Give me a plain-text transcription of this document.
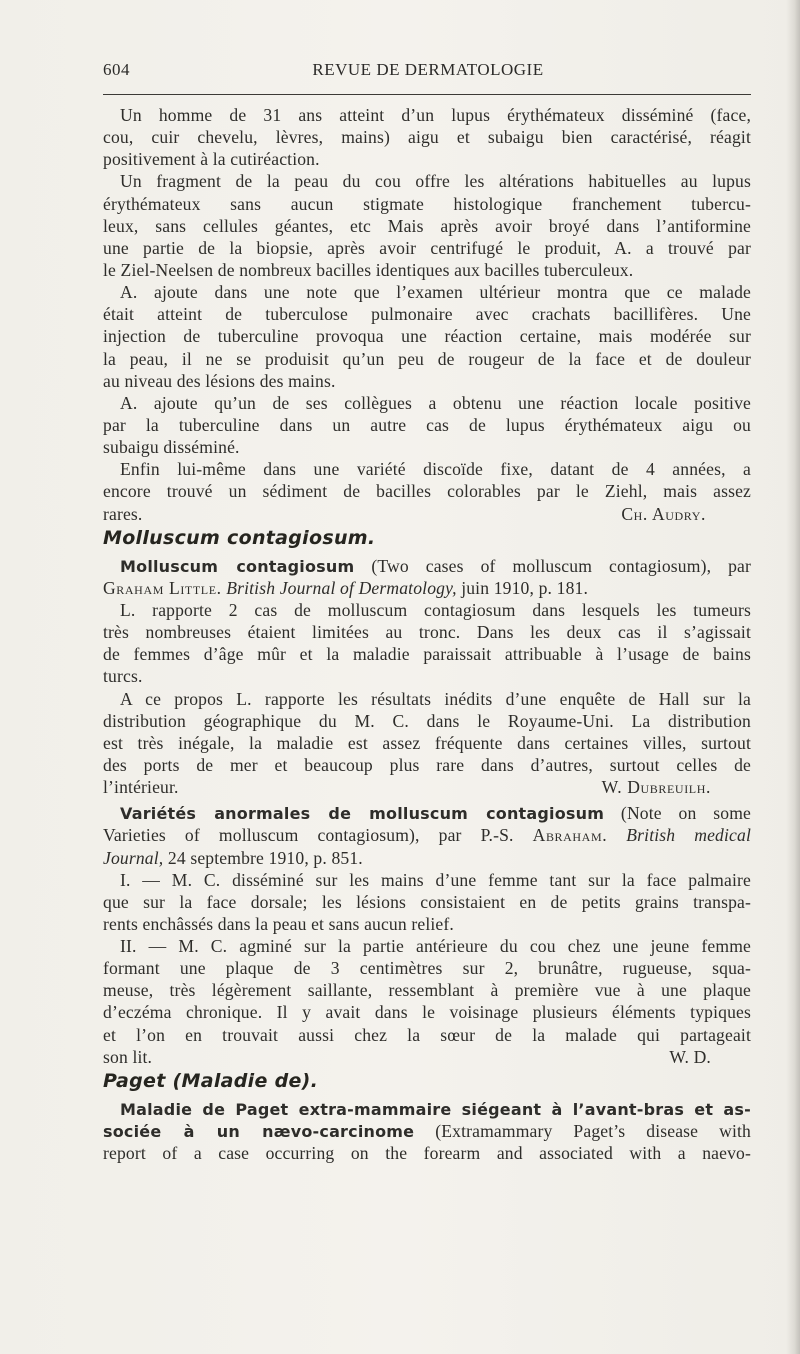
604	REVUE DE DERMATOLOGIE
Un homme de 31 ans atteint d’un lupus érythémateux disséminé (face,
cou, cuir chevelu, lèvres, mains) aigu et subaigu bien caractérisé, réagit
positivement à la cutiréaction.
Un fragment de la peau du cou offre les altérations habituelles au lupus
érythémateux sans aucun stigmate histologique franchement tubercu-
leux, sans cellules géantes, etc Mais après avoir broyé dans l’antiformine
une partie de la biopsie, après avoir centrifugé le produit, A. a trouvé par
le Ziel-Neelsen de nombreux bacilles identiques aux bacilles tuberculeux.
A. ajoute dans une note que l’examen ultérieur montra que ce malade
était atteint de tuberculose pulmonaire avec crachats bacillifères. Une
injection de tuberculine provoqua une réaction certaine, mais modérée sur
la peau, il ne se produisit qu’un peu de rougeur de la face et de douleur
au niveau des lésions des mains.
A. ajoute qu’un de ses collègues a obtenu une réaction locale positive
par la tuberculine dans un autre cas de lupus érythémateux aigu ou
subaigu disséminé.
Enfin lui-même dans une variété discoïde fixe, datant de 4 années, a
encore trouvé un sédiment de bacilles colorables par le Ziehl, mais assez
rares.	Ch. Audry.
Molluscum contagiosum.
Molluscum contagiosum (Two cases of molluscum contagiosum), par
Graham Little. British Journal of Dermatology, juin 1910, p. 181.
L. rapporte 2 cas de molluscum contagiosum dans lesquels les tumeurs
très nombreuses étaient limitées au tronc. Dans les deux cas il s’agissait
de femmes d’âge mûr et la maladie paraissait attribuable à l’usage de bains
turcs.
A ce propos L. rapporte les résultats inédits d’une enquête de Hall sur la
distribution géographique du M. C. dans le Royaume-Uni. La distribution
est très inégale, la maladie est assez fréquente dans certaines villes, surtout
des ports de mer et beaucoup plus rare dans d’autres, surtout celles de
l’intérieur.	W. Dubreuilh.
Variétés anormales de molluscum contagiosum (Note on some
Varieties of molluscum contagiosum), par P.-S. Abraham. British medical
Journal, 24 septembre 1910, p. 851.
I. — M. C. disséminé sur les mains d’une femme tant sur la face palmaire
que sur la face dorsale; les lésions consistaient en de petits grains transpa-
rents enchâssés dans la peau et sans aucun relief.
II. — M. C. agminé sur la partie antérieure du cou chez une jeune femme
formant une plaque de 3 centimètres sur 2, brunâtre, rugueuse, squa-
meuse, très légèrement saillante, ressemblant à première vue à une plaque
d’eczéma chronique. Il y avait dans le voisinage plusieurs éléments typiques
et l’on en trouvait aussi chez la sœur de la malade qui partageait
son lit.	W. D.
Paget (Maladie de).
Maladie de Paget extra-mammaire siégeant à l’avant-bras et as-
sociée à un nævo-carcinome (Extramammary Paget’s disease with
report of a case occurring on the forearm and associated with a naevo-
